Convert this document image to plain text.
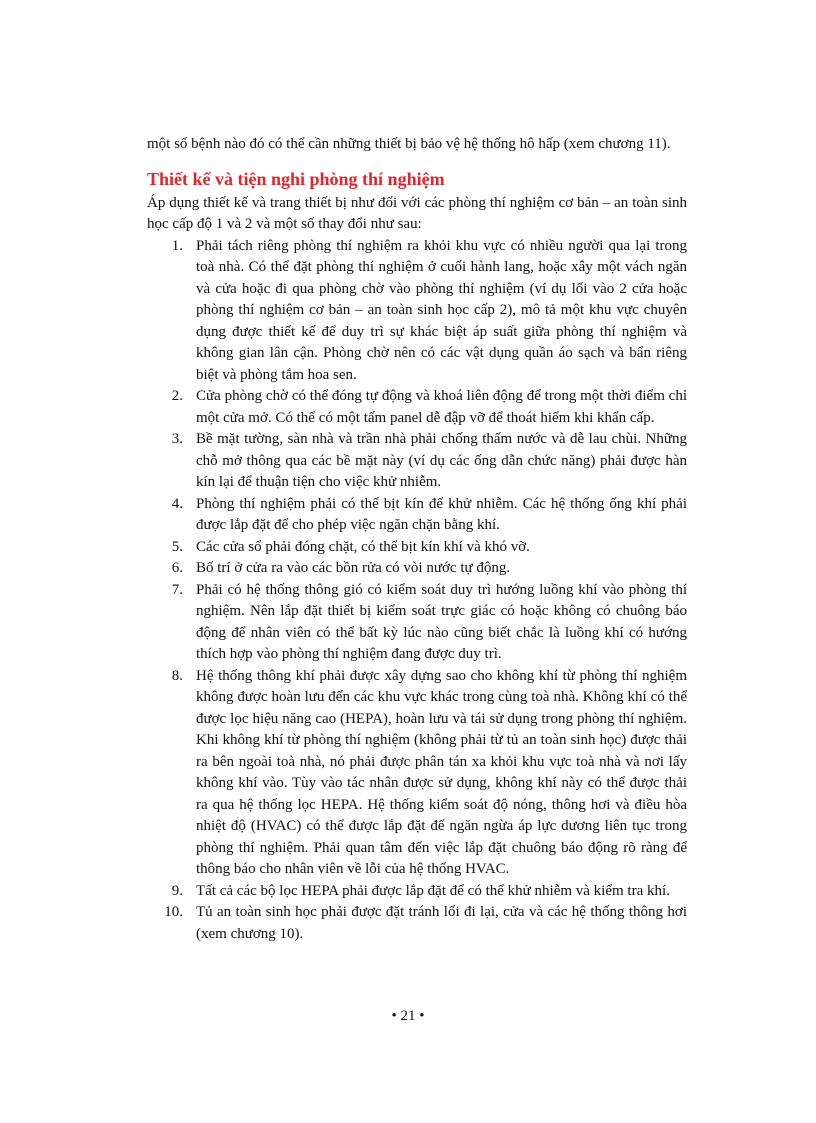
một số bệnh nào đó có thể cần những thiết bị bảo vệ hệ thống hô hấp (xem chương 11).

Thiết kế và tiện nghi phòng thí nghiệm

Áp dụng thiết kế và trang thiết bị như đối với các phòng thí nghiệm cơ bản – an toàn sinh học cấp độ 1 và 2 và một số thay đổi như sau:

1. Phải tách riêng phòng thí nghiệm ra khỏi khu vực có nhiều người qua lại trong toà nhà. Có thể đặt phòng thí nghiệm ở cuối hành lang, hoặc xây một vách ngăn và cửa hoặc đi qua phòng chờ vào phòng thí nghiệm (ví dụ lối vào 2 cửa hoặc phòng thí nghiệm cơ bản – an toàn sinh học cấp 2), mô tả một khu vực chuyên dụng được thiết kế để duy trì sự khác biệt áp suất giữa phòng thí nghiệm và không gian lân cận. Phòng chờ nên có các vật dụng quần áo sạch và bẩn riêng biệt và phòng tắm hoa sen.
2. Cửa phòng chờ có thể đóng tự động và khoá liên động để trong một thời điểm chỉ một cửa mở. Có thể có một tấm panel dễ đập vỡ để thoát hiểm khi khẩn cấp.
3. Bề mặt tường, sàn nhà và trần nhà phải chống thấm nước và dễ lau chùi. Những chỗ mở thông qua các bề mặt này (ví dụ các ống dẫn chức năng) phải được hàn kín lại để thuận tiện cho việc khử nhiễm.
4. Phòng thí nghiệm phải có thể bịt kín để khử nhiễm. Các hệ thống ống khí phải được lắp đặt để cho phép việc ngăn chặn bằng khí.
5. Các cửa sổ phải đóng chặt, có thể bịt kín khí và khó vỡ.
6. Bố trí ở cửa ra vào các bồn rửa có vòi nước tự động.
7. Phải có hệ thống thông gió có kiểm soát duy trì hướng luồng khí vào phòng thí nghiệm. Nên lắp đặt thiết bị kiểm soát trực giác có hoặc không có chuông báo động để nhân viên có thể bất kỳ lúc nào cũng biết chắc là luồng khí có hướng thích hợp vào phòng thí nghiệm đang được duy trì.
8. Hệ thống thông khí phải được xây dựng sao cho không khí từ phòng thí nghiệm không được hoàn lưu đến các khu vực khác trong cùng toà nhà. Không khí có thể được lọc hiệu năng cao (HEPA), hoàn lưu và tái sử dụng trong phòng thí nghiệm. Khi không khí từ phòng thí nghiệm (không phải từ tủ an toàn sinh học) được thải ra bên ngoài toà nhà, nó phải được phân tán xa khỏi khu vực toà nhà và nơi lấy không khí vào. Tùy vào tác nhân được sử dụng, không khí này có thể được thải ra qua hệ thống lọc HEPA. Hệ thống kiểm soát độ nóng, thông hơi và điều hòa nhiệt độ (HVAC) có thể được lắp đặt để ngăn ngừa áp lực dương liên tục trong phòng thí nghiệm. Phải quan tâm đến việc lắp đặt chuông báo động rõ ràng để thông báo cho nhân viên về lỗi của hệ thống HVAC.
9. Tất cả các bộ lọc HEPA phải được lắp đặt để có thể khử nhiễm và kiểm tra khí.
10. Tủ an toàn sinh học phải được đặt tránh lối đi lại, cửa và các hệ thống thông hơi (xem chương 10).
• 21 •
